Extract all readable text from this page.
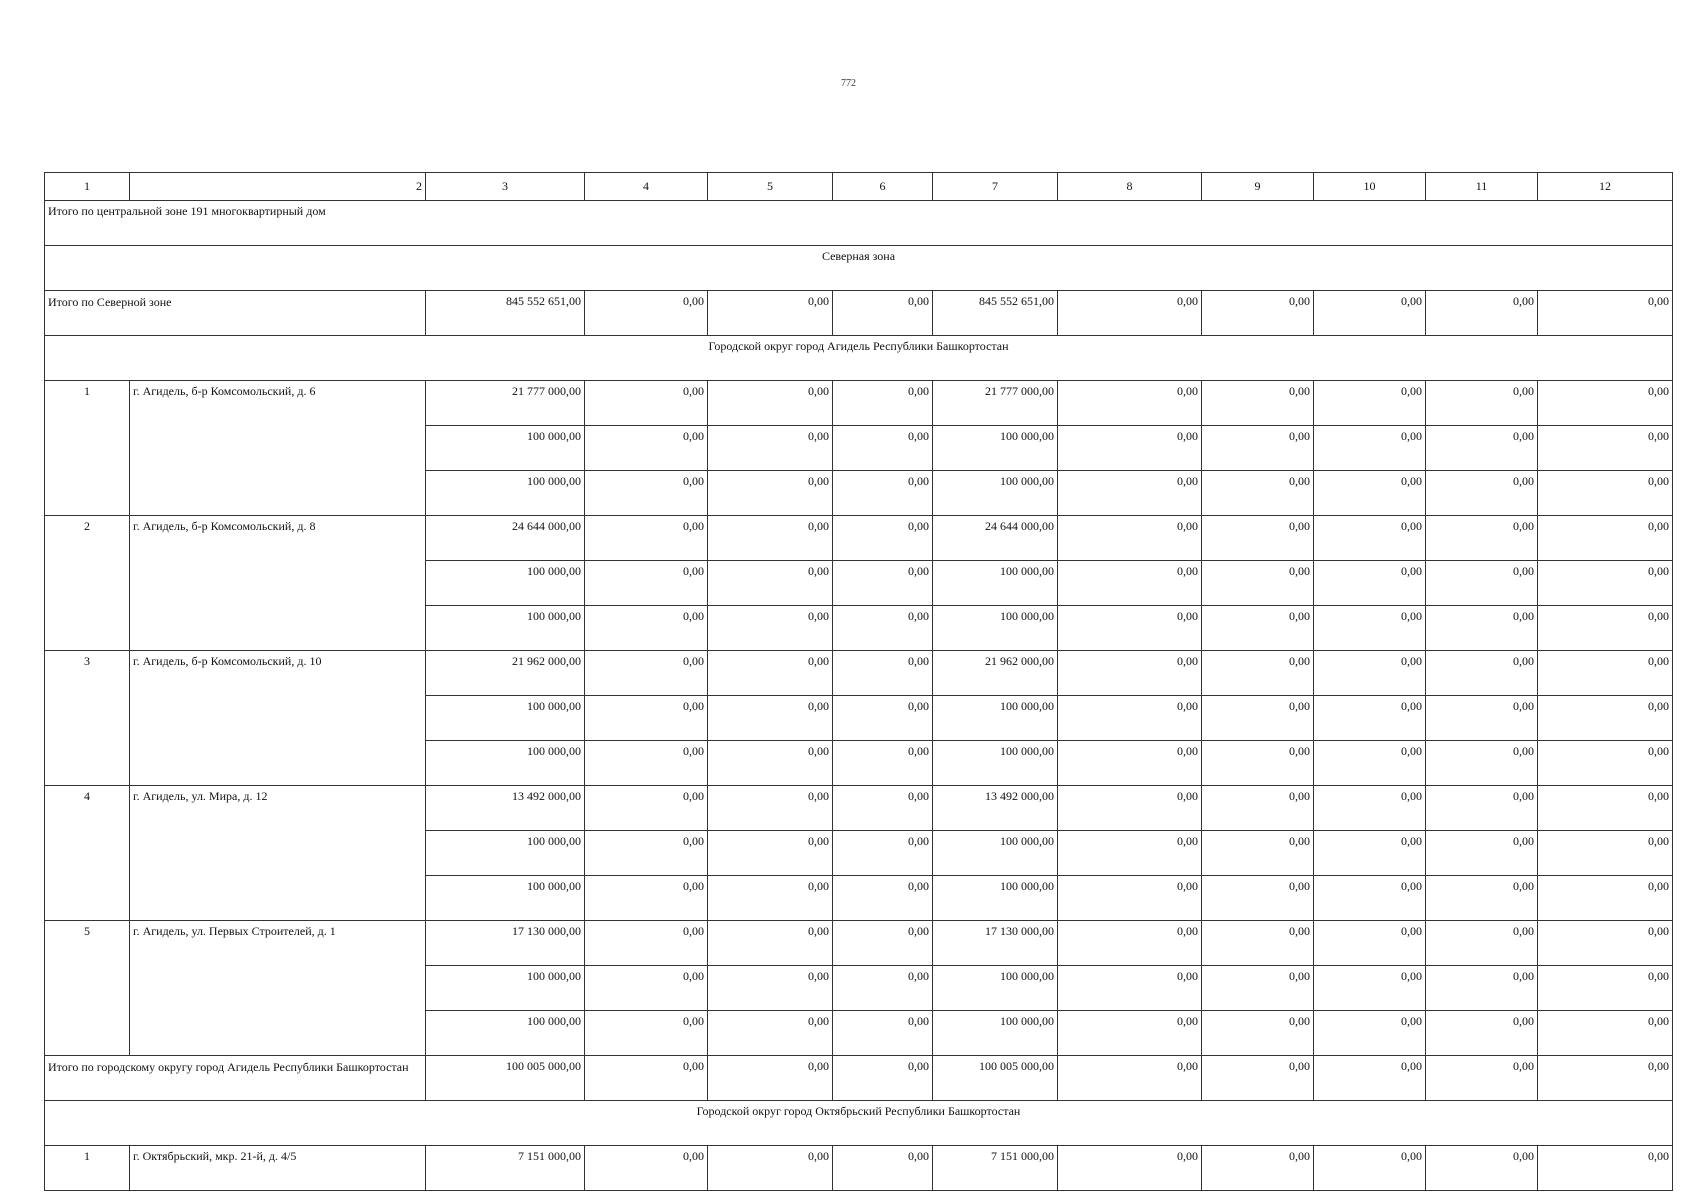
772
1	2	3	4	5	6	7	8	9	10	11	12
Итого по центральной зоне 191 многоквартирный дом											
Северная зона											
Итого по Северной зоне		845 552 651,00	0,00	0,00	0,00	845 552 651,00	0,00	0,00	0,00	0,00	0,00
Городской округ город Агидель Республики Башкортостан											
1	г. Агидель, б-р Комсомольский, д. 6	21 777 000,00	0,00	0,00	0,00	21 777 000,00	0,00	0,00	0,00	0,00	0,00
		100 000,00	0,00	0,00	0,00	100 000,00	0,00	0,00	0,00	0,00	0,00
		100 000,00	0,00	0,00	0,00	100 000,00	0,00	0,00	0,00	0,00	0,00
2	г. Агидель, б-р Комсомольский, д. 8	24 644 000,00	0,00	0,00	0,00	24 644 000,00	0,00	0,00	0,00	0,00	0,00
		100 000,00	0,00	0,00	0,00	100 000,00	0,00	0,00	0,00	0,00	0,00
		100 000,00	0,00	0,00	0,00	100 000,00	0,00	0,00	0,00	0,00	0,00
3	г. Агидель, б-р Комсомольский, д. 10	21 962 000,00	0,00	0,00	0,00	21 962 000,00	0,00	0,00	0,00	0,00	0,00
		100 000,00	0,00	0,00	0,00	100 000,00	0,00	0,00	0,00	0,00	0,00
		100 000,00	0,00	0,00	0,00	100 000,00	0,00	0,00	0,00	0,00	0,00
4	г. Агидель, ул. Мира, д. 12	13 492 000,00	0,00	0,00	0,00	13 492 000,00	0,00	0,00	0,00	0,00	0,00
		100 000,00	0,00	0,00	0,00	100 000,00	0,00	0,00	0,00	0,00	0,00
		100 000,00	0,00	0,00	0,00	100 000,00	0,00	0,00	0,00	0,00	0,00
5	г. Агидель, ул. Первых Строителей, д. 1	17 130 000,00	0,00	0,00	0,00	17 130 000,00	0,00	0,00	0,00	0,00	0,00
		100 000,00	0,00	0,00	0,00	100 000,00	0,00	0,00	0,00	0,00	0,00
		100 000,00	0,00	0,00	0,00	100 000,00	0,00	0,00	0,00	0,00	0,00
Итого по городскому округу город Агидель Республики Башкортостан		100 005 000,00	0,00	0,00	0,00	100 005 000,00	0,00	0,00	0,00	0,00	0,00
Городской округ город Октябрьский Республики Башкортостан											
1	г. Октябрьский, мкр. 21-й, д. 4/5	7 151 000,00	0,00	0,00	0,00	7 151 000,00	0,00	0,00	0,00	0,00	0,00
